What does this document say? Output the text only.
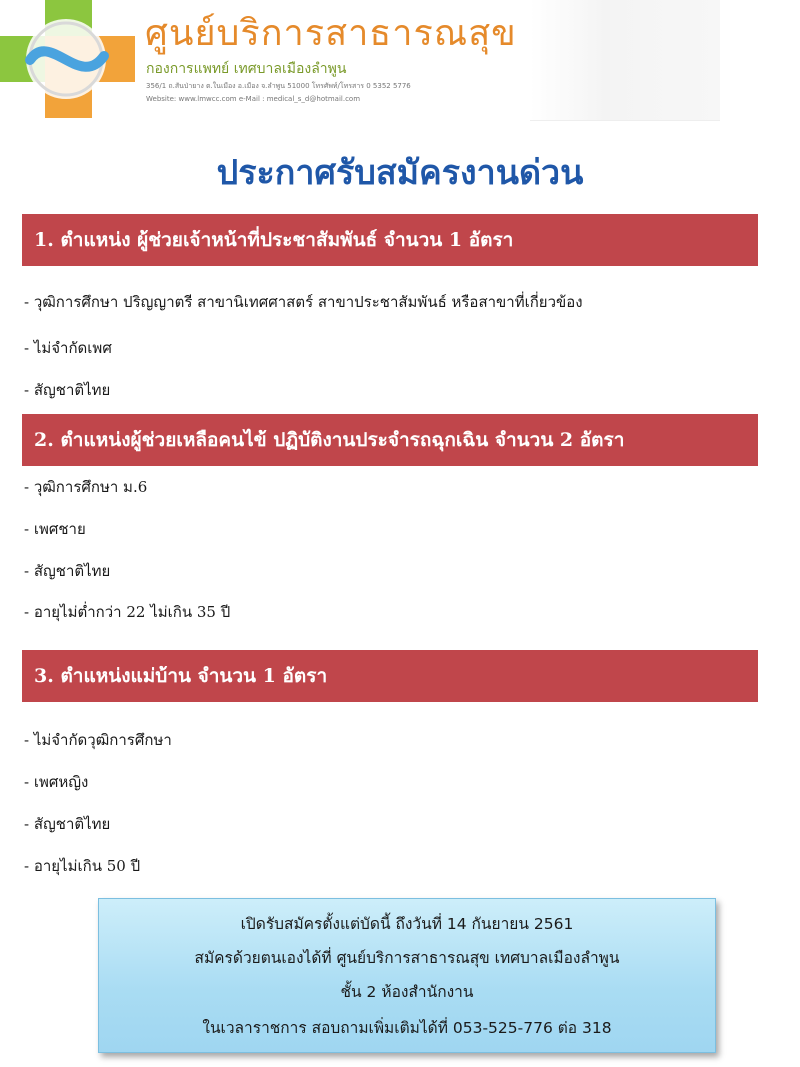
ศูนย์บริการสาธารณสุข
กองการแพทย์ เทศบาลเมืองลำพูน
356/1 ถ.สันป่ายาง ต.ในเมือง อ.เมือง จ.ลำพูน 51000 โทรศัพท์/โทรสาร 0 5352 5776
Website: www.lmwcc.com e-Mail : medical_s_d@hotmail.com
ประกาศรับสมัครงานด่วน
1. ตำแหน่ง ผู้ช่วยเจ้าหน้าที่ประชาสัมพันธ์ จำนวน 1 อัตรา
- วุฒิการศึกษา ปริญญาตรี สาขานิเทศศาสตร์ สาขาประชาสัมพันธ์ หรือสาขาที่เกี่ยวข้อง
- ไม่จำกัดเพศ
- สัญชาติไทย
2. ตำแหน่งผู้ช่วยเหลือคนไข้ ปฏิบัติงานประจำรถฉุกเฉิน จำนวน 2 อัตรา
- วุฒิการศึกษา ม.6
- เพศชาย
- สัญชาติไทย
- อายุไม่ต่ำกว่า 22 ไม่เกิน 35 ปี
3. ตำแหน่งแม่บ้าน จำนวน 1 อัตรา
- ไม่จำกัดวุฒิการศึกษา
- เพศหญิง
- สัญชาติไทย
- อายุไม่เกิน 50 ปี
เปิดรับสมัครตั้งแต่บัดนี้ ถึงวันที่ 14 กันยายน 2561
สมัครด้วยตนเองได้ที่ ศูนย์บริการสาธารณสุข เทศบาลเมืองลำพูน
ชั้น 2 ห้องสำนักงาน
ในเวลาราชการ สอบถามเพิ่มเติมได้ที่ 053-525-776 ต่อ 318
